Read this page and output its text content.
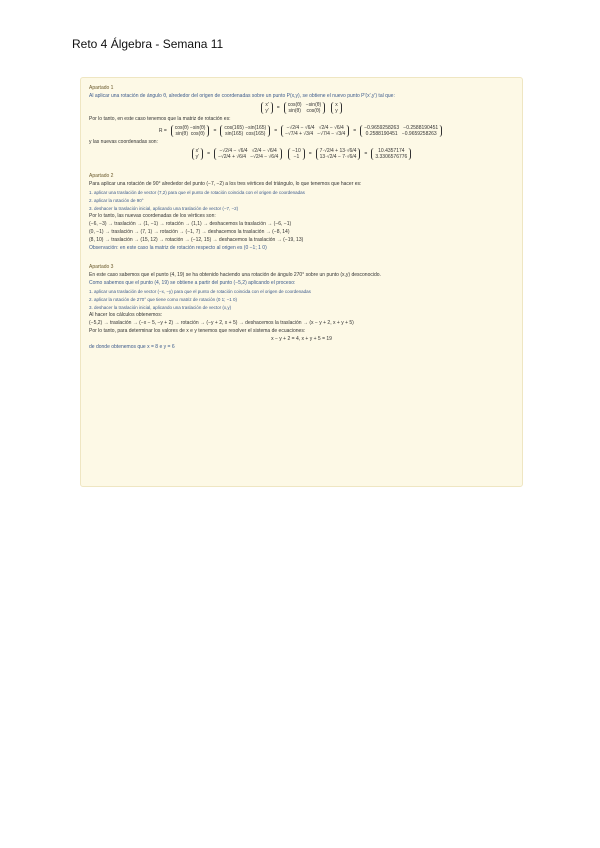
Reto 4 Álgebra - Semana 11
Apartado 1
Al aplicar una rotación de ángulo θ, alrededor del origen de coordenadas sobre un punto P(x,y), se obtiene el nuevo punto P'(x',y') tal que:
x'
y'
=	cos(θ)   −sin(θ)
sin(θ)    cos(θ)
x
y
Por lo tanto, en este caso tenemos que la matriz de rotación es:
R =	cos(θ) −sin(θ)
sin(θ)  cos(θ)
=	cos(165) −sin(165)
sin(165)  cos(165)
=	−√2/4 − √6/4   √2/4 − √6/4
−√7/4 + √3/4   −√7/4 − √3/4
=	−0.9659258263   −0.2588190451
0.2588190451   −0.9659258263
y las nuevas coordenadas son:
x'
y'
=	−√2/4 − √6/4   √2/4 − √6/4
−√2/4 + √6/4   −√2/4 − √6/4
−10
−1
=	7·√2/4 + 13·√6/4
13·√2/4 − 7·√6/4
=	10.4357174
3.3306576776
Apartado 2
Para aplicar una rotación de 90° alrededor del punto (−7, −2) a los tres vértices del triángulo, lo que tenemos que hacer es:
1. aplicar una traslación de vector (7,2) para que el punto de rotación coincida con el origen de coordenadas
2. aplicar la rotación de 90°
3. deshacer la traslación inicial, aplicando una traslación de vector (−7, −2)
Por lo tanto, las nuevas coordenadas de los vértices son:
(−6, −3) → traslación → (1, −1) → rotación → (1,1) → deshacemos la traslación → (−6, −1)
(0, −1) → traslación → (7, 1) → rotación → (−1, 7) → deshacemos la traslación → (−8, 14)
(8, 10) → traslación → (15, 12) → rotación → (−12, 15) → deshacemos la traslación → (−19, 13)
Observación: en este caso la matriz de rotación respecto al origen es (0 −1; 1 0)
Apartado 3
En este caso sabemos que el punto (4, 19) se ha obtenido haciendo una rotación de ángulo 270° sobre un punto (x,y) desconocido.
Como sabemos que el punto (4, 19) se obtiene a partir del punto (−5,2) aplicando el proceso:
1. aplicar una traslación de vector (−x, −y) para que el punto de rotación coincida con el origen de coordenadas
2. aplicar la rotación de 270° que tiene como matriz de rotación (0 1; −1 0)
3. deshacer la traslación inicial, aplicando una traslación de vector (x,y)
Al hacer los cálculos obtenemos:
(−5,2) → traslación → (−x − 5, −y + 2) → rotación → (−y + 2, x + 5) → deshacemos la traslación → (x − y + 2, x + y + 5)
Por lo tanto, para determinar los valores de x e y tenemos que resolver el sistema de ecuaciones:
x − y + 2 = 4, x + y + 5 = 19
de donde obtenemos que x = 8 e y = 6
